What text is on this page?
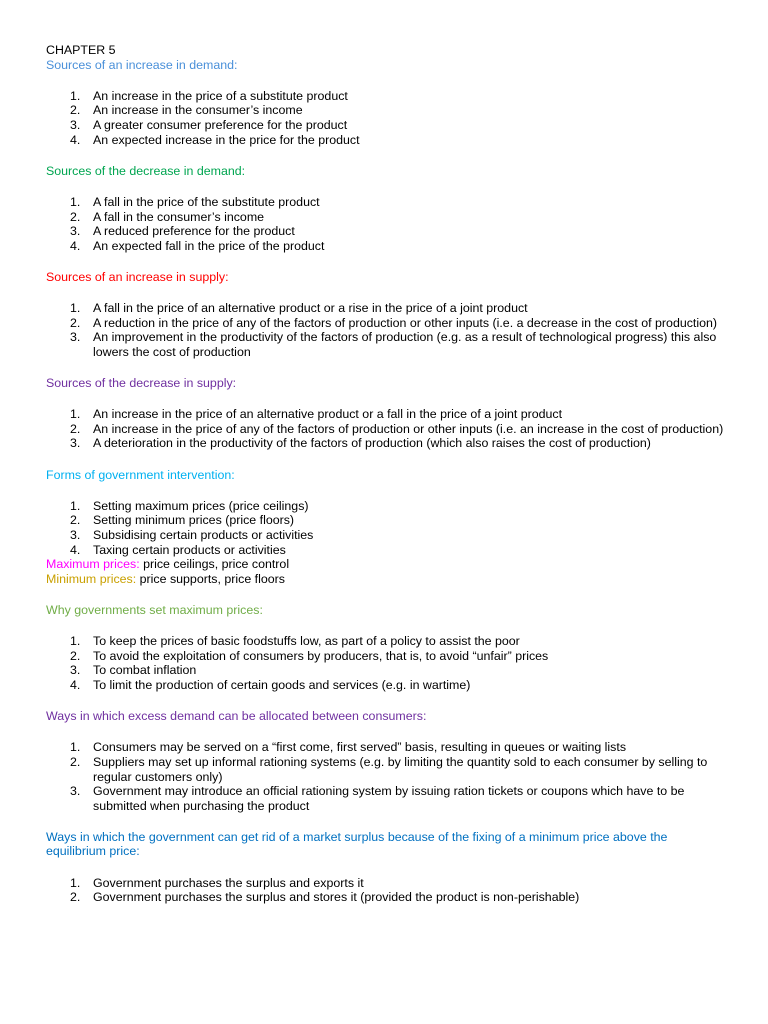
CHAPTER 5

Sources of an increase in demand:

1. An increase in the price of a substitute product
2. An increase in the consumer’s income
3. A greater consumer preference for the product
4. An expected increase in the price for the product

Sources of the decrease in demand:

1. A fall in the price of the substitute product
2. A fall in the consumer’s income
3. A reduced preference for the product
4. An expected fall in the price of the product

Sources of an increase in supply:

1. A fall in the price of an alternative product or a rise in the price of a joint product
2. A reduction in the price of any of the factors of production or other inputs (i.e. a decrease in the cost of production)
3. An improvement in the productivity of the factors of production (e.g. as a result of technological progress) this also lowers the cost of production

Sources of the decrease in supply:

1. An increase in the price of an alternative product or a fall in the price of a joint product
2. An increase in the price of any of the factors of production or other inputs (i.e. an increase in the cost of production)
3. A deterioration in the productivity of the factors of production (which also raises the cost of production)

Forms of government intervention:

1. Setting maximum prices (price ceilings)
2. Setting minimum prices (price floors)
3. Subsidising certain products or activities
4. Taxing certain products or activities

Maximum prices: price ceilings, price control

Minimum prices: price supports, price floors

Why governments set maximum prices:

1. To keep the prices of basic foodstuffs low, as part of a policy to assist the poor
2. To avoid the exploitation of consumers by producers, that is, to avoid “unfair” prices
3. To combat inflation
4. To limit the production of certain goods and services (e.g. in wartime)

Ways in which excess demand can be allocated between consumers:

1. Consumers may be served on a “first come, first served” basis, resulting in queues or waiting lists
2. Suppliers may set up informal rationing systems (e.g. by limiting the quantity sold to each consumer by selling to regular customers only)
3. Government may introduce an official rationing system by issuing ration tickets or coupons which have to be submitted when purchasing the product

Ways in which the government can get rid of a market surplus because of the fixing of a minimum price above the equilibrium price:

1. Government purchases the surplus and exports it
2. Government purchases the surplus and stores it (provided the product is non-perishable)
